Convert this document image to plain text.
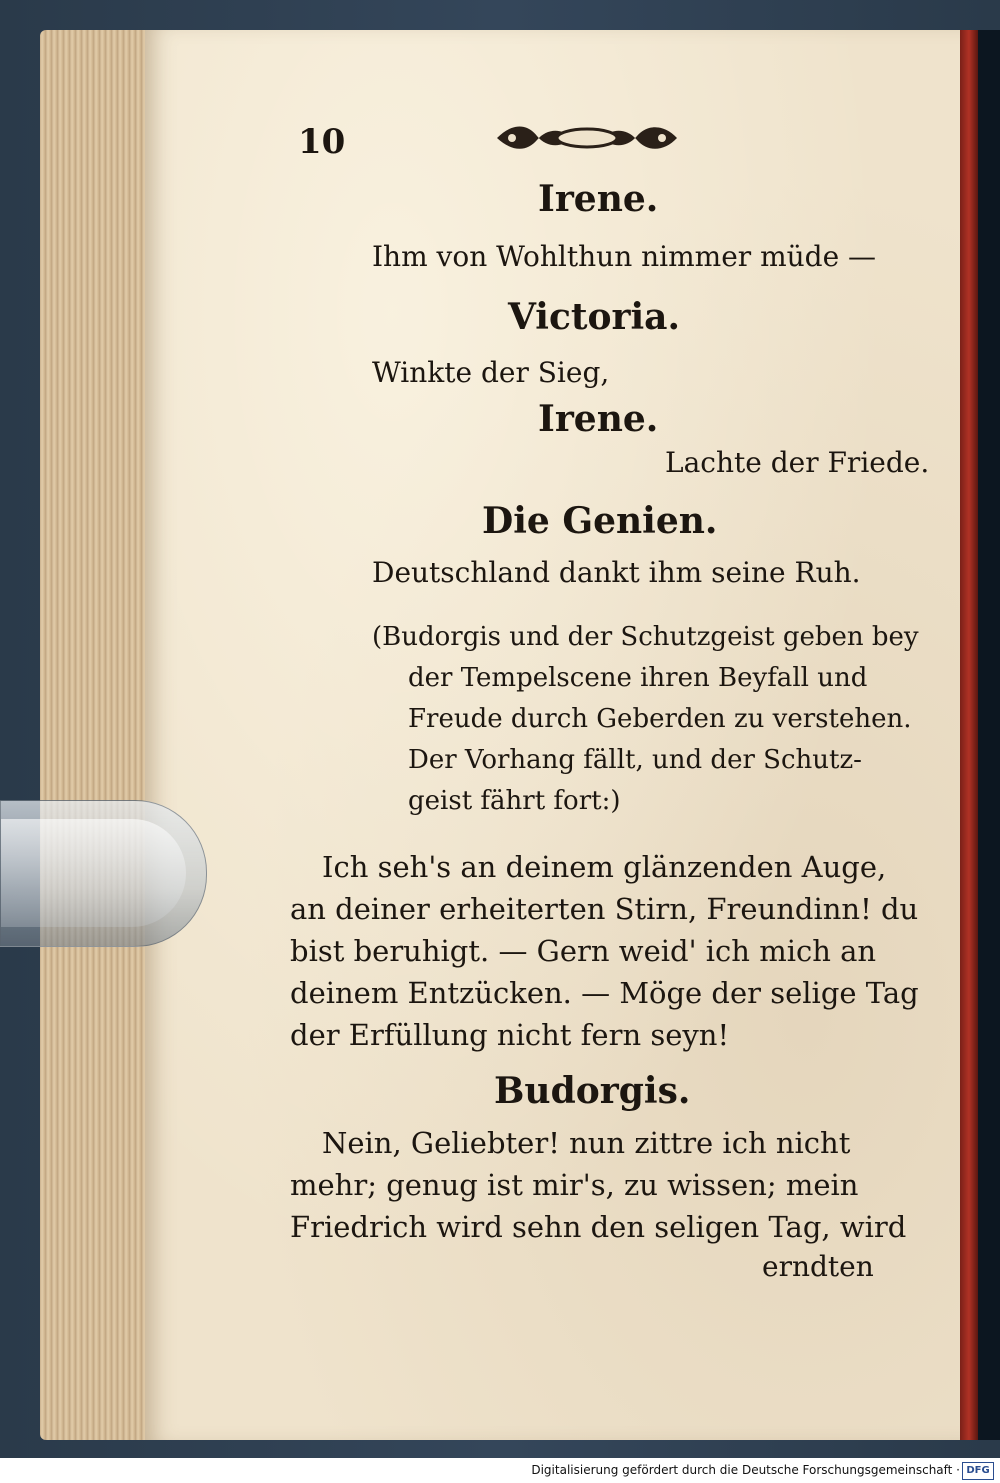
10
Irene.
Ihm von Wohlthun nimmer müde —
Victoria.
Winkte der Sieg,
Irene.
Lachte der Friede.
Die Genien.
Deutschland dankt ihm seine Ruh.
(Budorgis und der Schutzgeist geben bey
der Tempelscene ihren Beyfall und
Freude durch Geberden zu verstehen.
Der Vorhang fällt, und der Schutz-
geist fährt fort:)
Ich seh's an deinem glänzenden Auge,
an deiner erheiterten Stirn, Freundinn! du
bist beruhigt. — Gern weid' ich mich an
deinem Entzücken. — Möge der selige Tag
der Erfüllung nicht fern seyn!
Budorgis.
Nein, Geliebter! nun zittre ich nicht
mehr; genug ist mir's, zu wissen; mein
Friedrich wird sehn den seligen Tag, wird
erndten
Digitalisierung gefördert durch die Deutsche Forschungsgemeinschaft · DFG
